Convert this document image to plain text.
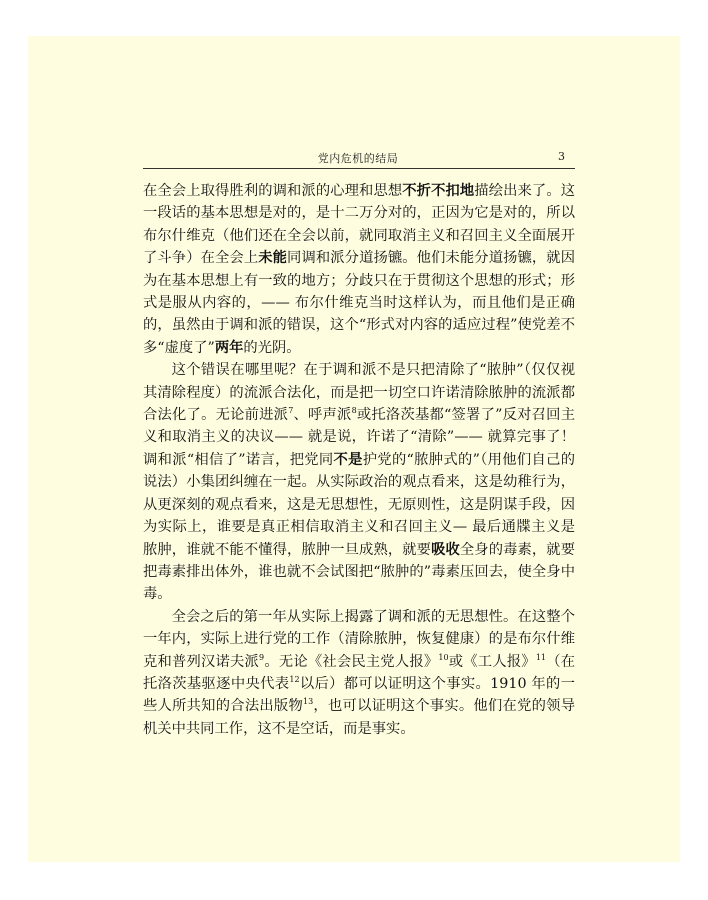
党内危机的结局	3

在全会上取得胜利的调和派的心理和思想不折不扣地描绘出来了。这一段话的基本思想是对的，是十二万分对的，正因为它是对的，所以布尔什维克（他们还在全会以前，就同取消主义和召回主义全面展开了斗争）在全会上未能同调和派分道扬镳。他们未能分道扬镳，就因为在基本思想上有一致的地方；分歧只在于贯彻这个思想的形式；形式是服从内容的，—— 布尔什维克当时这样认为，而且他们是正确的，虽然由于调和派的错误，这个“形式对内容的适应过程”使党差不多“虚度了”两年的光阴。

这个错误在哪里呢？在于调和派不是只把清除了“脓肿”（仅仅视其清除程度）的流派合法化，而是把一切空口许诺清除脓肿的流派都合法化了。无论前进派$^7$、呼声派$^8$或托洛茨基都“签署了”反对召回主义和取消主义的决议—— 就是说，许诺了“清除”—— 就算完事了！调和派“相信了”诺言，把党同不是护党的“脓肿式的”（用他们自己的说法）小集团纠缠在一起。从实际政治的观点看来，这是幼稚行为，从更深刻的观点看来，这是无思想性，无原则性，这是阴谋手段，因为实际上，谁要是真正相信取消主义和召回主义— 最后通牒主义是脓肿，谁就不能不懂得，脓肿一旦成熟，就要吸收全身的毒素，就要把毒素排出体外，谁也就不会试图把“脓肿的”毒素压回去，使全身中毒。

全会之后的第一年从实际上揭露了调和派的无思想性。在这整个一年内，实际上进行党的工作（清除脓肿，恢复健康）的是布尔什维克和普列汉诺夫派$^9$。无论《社会民主党人报》$^{10}$或《工人报》$^{11}$（在托洛茨基驱逐中央代表$^{12}$以后）都可以证明这个事实。1910 年的一些人所共知的合法出版物$^{13}$，也可以证明这个事实。他们在党的领导机关中共同工作，这不是空话，而是事实。
